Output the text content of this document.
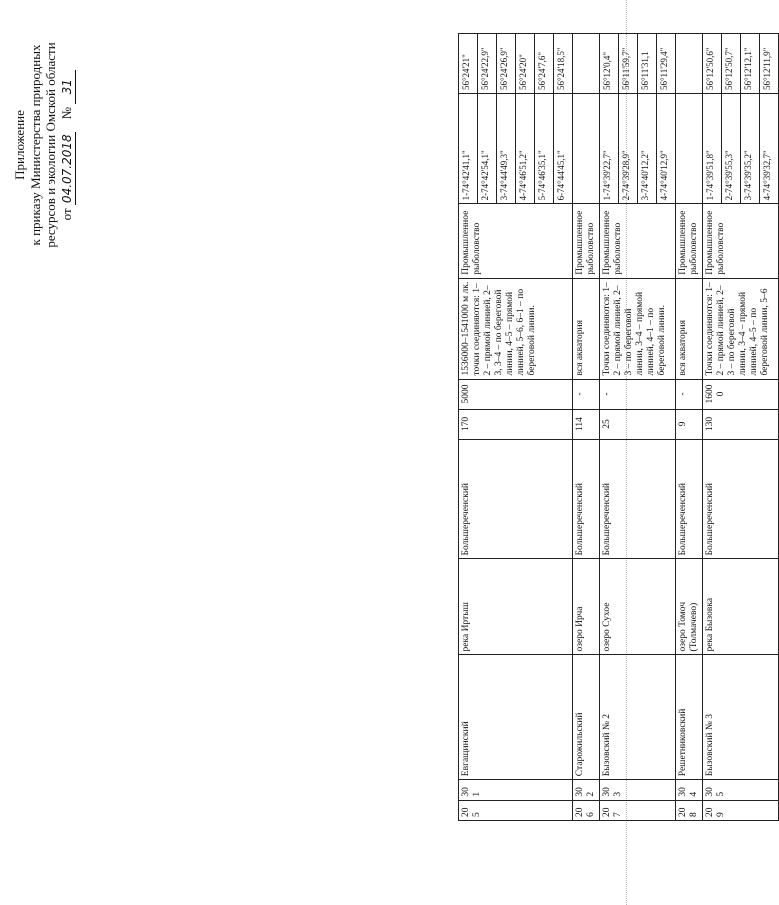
Приложение к приказу Министерства природных ресурсов и экологии Омской области от 04.07.2018    № 31
205	301	Евгащинский	река Иртыш	Большереченский	170	5000	1536000–1541000 м лк. точки соединяются: 1–2 – прямой линией, 2–3, 3–4 – по береговой линии, 4–5 – прямой линией, 5–6, 6–1 – по береговой линии.	Промышленное рыболовство	1-74°42'41,1"	56°24'21"
									2-74°42'54,1"	56°24'22,9"
									3-74°44'49,3"	56°24'26,9"
									4-74°46'51,2"	56°24'20"
									5-74°46'35,1"	56°24'7,6"
									6-74°44'45,1"	56°24'18,5"
206	302	Старожильский	озеро Ирча	Большереченский	114	-	вся акватория	Промышленное рыболовство		
207	303	Бызовский № 2	озеро Сухое	Большереченский	25	-	Точки соединяются: 1–2 – прямой линией, 2–3 – по береговой линии, 3–4 – прямой линией, 4–1 – по береговой линии.	Промышленное рыболовство	1-74°39'22,7"	56°12'0,4"
									2-74°39'28,9"	56°11'59,7"
									3-74°40'12,2"	56°11'31,1
									4-74°40'12,9"	56°11'29,4"
208	304	Решетниковский	озеро Томоч (Толмачево)	Большереченский	9	-	вся акватория	Промышленное рыболовство		
209	305	Бызовский № 3	река Бызовка	Большереченский	130	16000	Точки соединяются: 1–2 – прямой линией, 2–3 – по береговой линии, 3–4 – прямой линией, 4–5 – по береговой линии, 5–6	Промышленное рыболовство	1-74°39'51,8"	56°12'50,6"
									2-74°39'55,3"	56°12'50,7"
									3-74°39'35,2"	56°12'12,1"
									4-74°39'32,7"	56°12'11,9"
